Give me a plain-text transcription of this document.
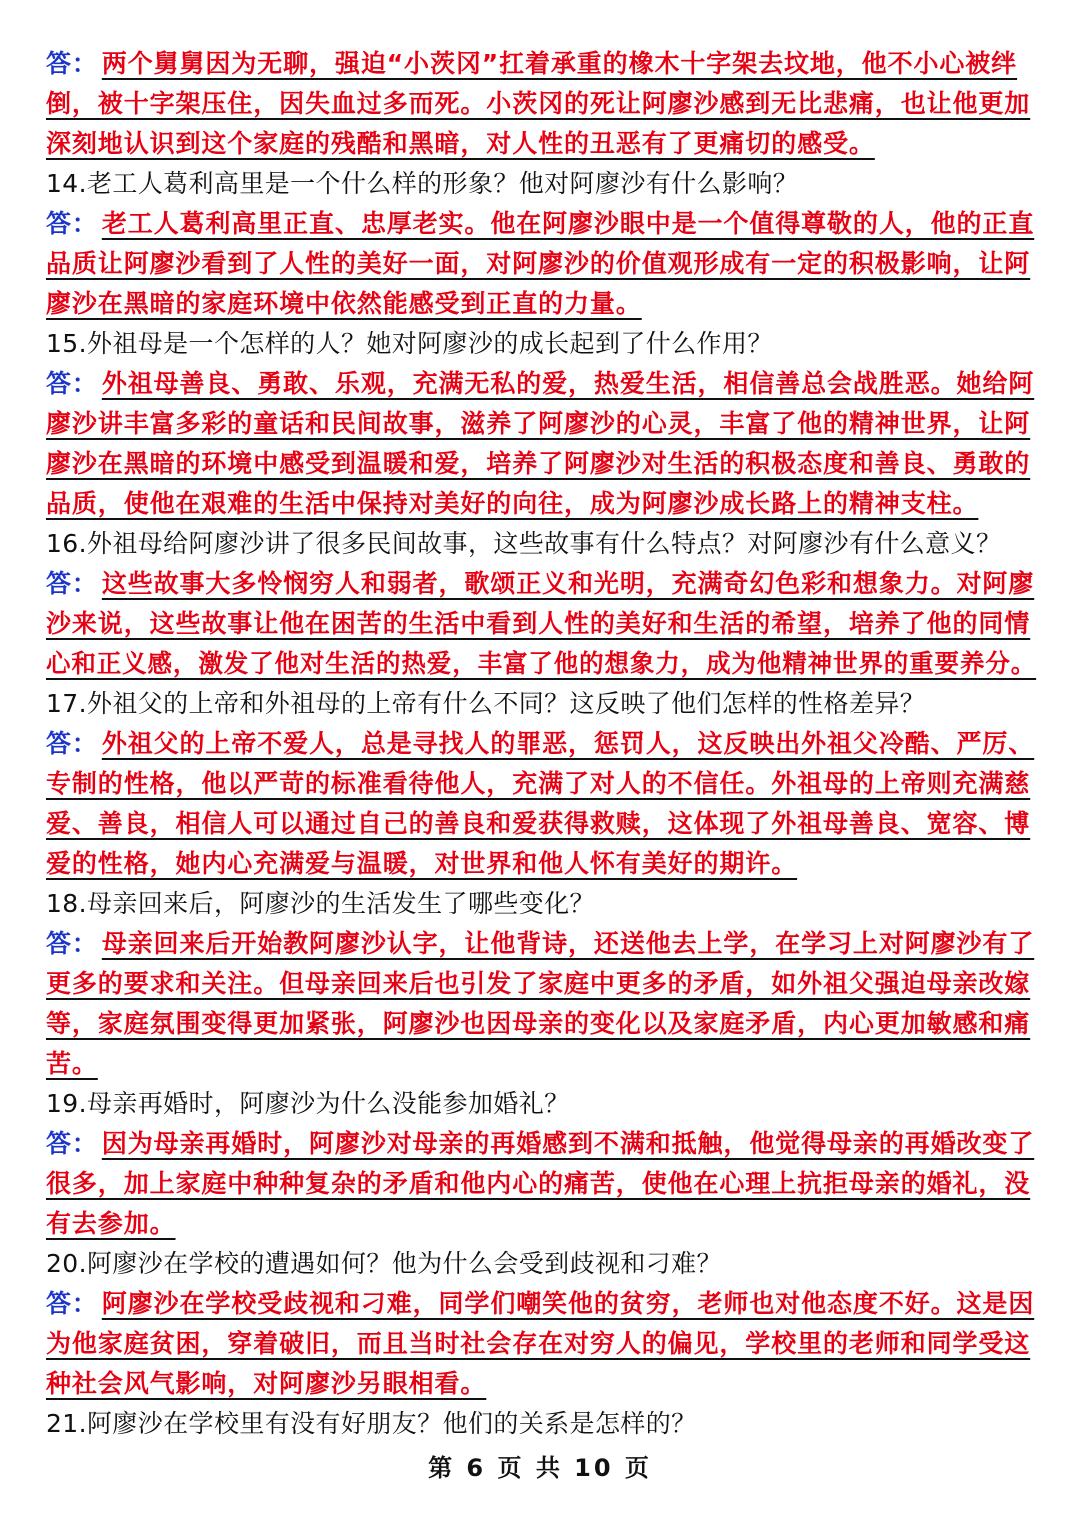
答： 两个舅舅因为无聊，强迫“小茨冈”扛着承重的橡木十字架去坟地，他不小心被绊
倒，被十字架压住，因失血过多而死。小茨冈的死让阿廖沙感到无比悲痛，也让他更加
深刻地认识到这个家庭的残酷和黑暗，对人性的丑恶有了更痛切的感受。
14.老工人葛利高里是一个什么样的形象？他对阿廖沙有什么影响？
答： 老工人葛利高里正直、忠厚老实。他在阿廖沙眼中是一个值得尊敬的人，他的正直
品质让阿廖沙看到了人性的美好一面，对阿廖沙的价值观形成有一定的积极影响，让阿
廖沙在黑暗的家庭环境中依然能感受到正直的力量。
15.外祖母是一个怎样的人？她对阿廖沙的成长起到了什么作用？
答： 外祖母善良、勇敢、乐观，充满无私的爱，热爱生活，相信善总会战胜恶。她给阿
廖沙讲丰富多彩的童话和民间故事，滋养了阿廖沙的心灵，丰富了他的精神世界，让阿
廖沙在黑暗的环境中感受到温暖和爱，培养了阿廖沙对生活的积极态度和善良、勇敢的
品质，使他在艰难的生活中保持对美好的向往，成为阿廖沙成长路上的精神支柱。
16.外祖母给阿廖沙讲了很多民间故事，这些故事有什么特点？对阿廖沙有什么意义？
答： 这些故事大多怜悯穷人和弱者，歌颂正义和光明，充满奇幻色彩和想象力。对阿廖
沙来说，这些故事让他在困苦的生活中看到人性的美好和生活的希望，培养了他的同情
心和正义感，激发了他对生活的热爱，丰富了他的想象力，成为他精神世界的重要养分。
17.外祖父的上帝和外祖母的上帝有什么不同？这反映了他们怎样的性格差异？
答： 外祖父的上帝不爱人，总是寻找人的罪恶，惩罚人，这反映出外祖父冷酷、严厉、
专制的性格，他以严苛的标准看待他人，充满了对人的不信任。外祖母的上帝则充满慈
爱、善良，相信人可以通过自己的善良和爱获得救赎，这体现了外祖母善良、宽容、博
爱的性格，她内心充满爱与温暖，对世界和他人怀有美好的期许。
18.母亲回来后，阿廖沙的生活发生了哪些变化？
答： 母亲回来后开始教阿廖沙认字，让他背诗，还送他去上学，在学习上对阿廖沙有了
更多的要求和关注。但母亲回来后也引发了家庭中更多的矛盾，如外祖父强迫母亲改嫁
等，家庭氛围变得更加紧张，阿廖沙也因母亲的变化以及家庭矛盾，内心更加敏感和痛
苦。
19.母亲再婚时，阿廖沙为什么没能参加婚礼？
答： 因为母亲再婚时，阿廖沙对母亲的再婚感到不满和抵触，他觉得母亲的再婚改变了
很多，加上家庭中种种复杂的矛盾和他内心的痛苦，使他在心理上抗拒母亲的婚礼，没
有去参加。
20.阿廖沙在学校的遭遇如何？他为什么会受到歧视和刁难？
答： 阿廖沙在学校受歧视和刁难，同学们嘲笑他的贫穷，老师也对他态度不好。这是因
为他家庭贫困，穿着破旧，而且当时社会存在对穷人的偏见，学校里的老师和同学受这
种社会风气影响，对阿廖沙另眼相看。
21.阿廖沙在学校里有没有好朋友？他们的关系是怎样的？
第 6 页 共 10 页
